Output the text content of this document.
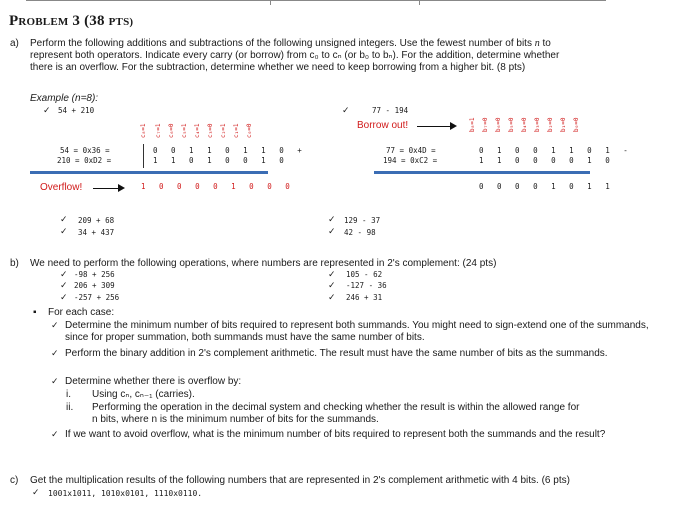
PROBLEM 3 (38 PTS)
a) Perform the following additions and subtractions of the following unsigned integers. Use the fewest number of bits n to
represent both operators. Indicate every carry (or borrow) from c₀ to cₙ (or b₀ to bₙ). For the addition, determine whether
there is an overflow. For the subtraction, determine whether we need to keep borrowing from a higher bit. (8 pts)
Example (n=8):
✓ 54 + 210	✓	77 - 194
c₈=1 c₇=1 c₆=0 c₅=1 c₄=1 c₃=0 c₂=1 c₁=1 c₀=0	b₈=1 b₇=0 b₆=0 b₅=0 b₄=0 b₃=0 b₂=0 b₁=0 b₀=0
Borrow out!
54 = 0x36 =	0 0 1 1 0 1 1 0 +
210 = 0xD2 =	1 1 0 1 0 0 1 0
77 = 0x4D =	0 1 0 0 1 1 0 1 -
194 = 0xC2 =	1 1 0 0 0 0 1 0
Overflow!	1 0 0 0 0 1 0 0 0	0 0 0 0 1 0 1 1
✓ 209 + 68
✓ 34 + 437
✓ 129 - 37
✓ 42 - 98
b) We need to perform the following operations, where numbers are represented in 2's complement: (24 pts)
✓ -98 + 256
✓ 206 + 309
✓ -257 + 256
✓ 105 - 62
✓ -127 - 36
✓ 246 + 31
▪ For each case:
✓ Determine the minimum number of bits required to represent both summands. You might need to sign-extend one of the summands, since for proper summation, both summands must have the same number of bits.
✓ Perform the binary addition in 2's complement arithmetic. The result must have the same number of bits as the summands.
✓ Determine whether there is overflow by:
i. Using cₙ, cₙ₋₁ (carries).
ii. Performing the operation in the decimal system and checking whether the result is within the allowed range for
n bits, where n is the minimum number of bits for the summands.
✓ If we want to avoid overflow, what is the minimum number of bits required to represent both the summands and the result?
c) Get the multiplication results of the following numbers that are represented in 2's complement arithmetic with 4 bits. (6 pts)
✓ 1001x1011, 1010x0101, 1110x0110.
